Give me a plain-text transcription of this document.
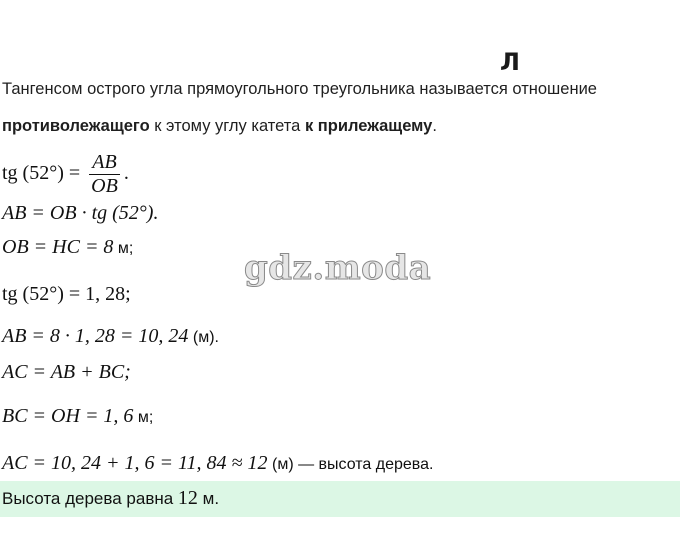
Л
Тангенсом острого угла прямоугольного треугольника называется отношение
противолежащего к этому углу катета к прилежащему.
tg $(52^\circ) = \frac{AB}{OB}$ .
AB = OB · tg (52°).
OB = HC = 8 м;
tg (52°) = 1, 28;
AB = 8 · 1, 28 = 10, 24 (м).
AC = AB + BC;
BC = OH = 1, 6 м;
AC = 10, 24 + 1, 6 = 11, 84 ≈ 12 (м) — высота дерева.
gdz.moda
Высота дерева равна 12 м.
